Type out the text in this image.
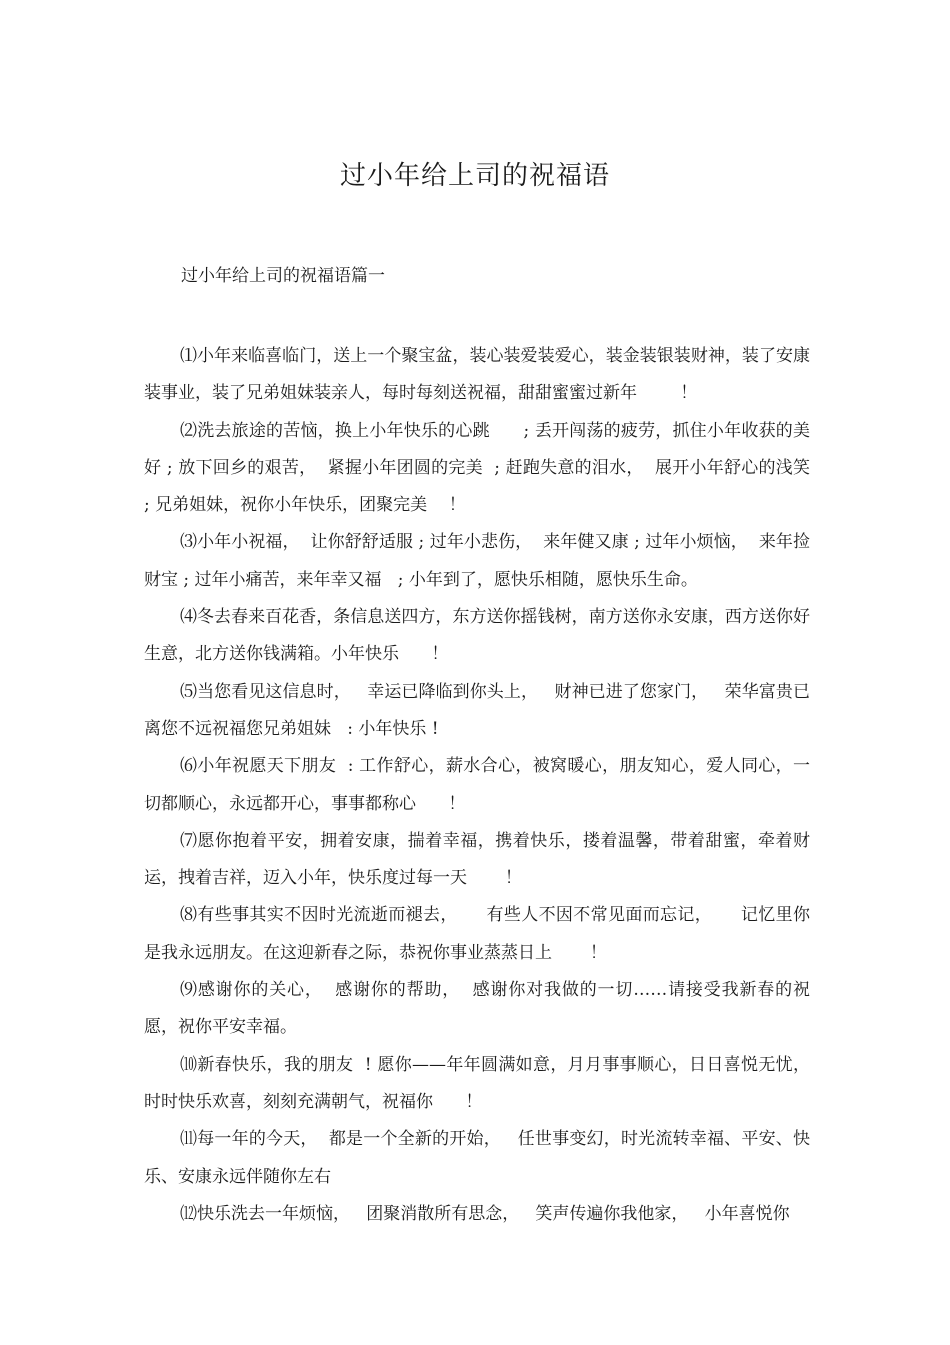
过小年给上司的祝福语
过小年给上司的祝福语篇一

⑴小年来临喜临门，送上一个聚宝盆，装心装爱装爱心，装金装银装财神，装了安康装事业，装了兄弟姐妹装亲人，每时每刻送祝福，甜甜蜜蜜过新年        ！

⑵洗去旅途的苦恼，换上小年快乐的心跳      ; 丢开闯荡的疲劳，抓住小年收获的美好 ; 放下回乡的艰苦，  紧握小年团圆的完美  ; 赶跑失意的泪水，  展开小年舒心的浅笑 ; 兄弟姐妹，祝你小年快乐，团聚完美    ！

⑶小年小祝福，  让你舒舒适服 ; 过年小悲伤，  来年健又康 ; 过年小烦恼，  来年捡财宝 ; 过年小痛苦，来年幸又福   ; 小年到了，愿快乐相随，愿快乐生命。

⑷冬去春来百花香，条信息送四方，东方送你摇钱树，南方送你永安康，西方送你好生意，北方送你钱满箱。小年快乐      ！

⑸当您看见这信息时，   幸运已降临到你头上，   财神已进了您家门，   荣华富贵已离您不远祝福您兄弟姐妹   : 小年快乐 !

⑹小年祝愿天下朋友  : 工作舒心，薪水合心，被窝暖心，朋友知心，爱人同心，一切都顺心，永远都开心，事事都称心      ！

⑺愿你抱着平安，拥着安康，揣着幸福，携着快乐，搂着温馨，带着甜蜜，牵着财运，拽着吉祥，迈入小年，快乐度过每一天       ！

⑻有些事其实不因时光流逝而褪去，     有些人不因不常见面而忘记，     记忆里你是我永远朋友。在这迎新春之际，恭祝你事业蒸蒸日上       ！

⑼感谢你的关心，  感谢你的帮助，  感谢你对我做的一切……请接受我新春的祝愿，祝你平安幸福。

⑽新春快乐，我的朋友  ! 愿你——年年圆满如意，月月事事顺心，日日喜悦无忧，时时快乐欢喜，刻刻充满朝气，祝福你      ！

⑾每一年的今天，  都是一个全新的开始，   任世事变幻，时光流转幸福、平安、快乐、安康永远伴随你左右

⑿快乐洗去一年烦恼，   团聚消散所有思念，   笑声传遍你我他家，   小年喜悦你
